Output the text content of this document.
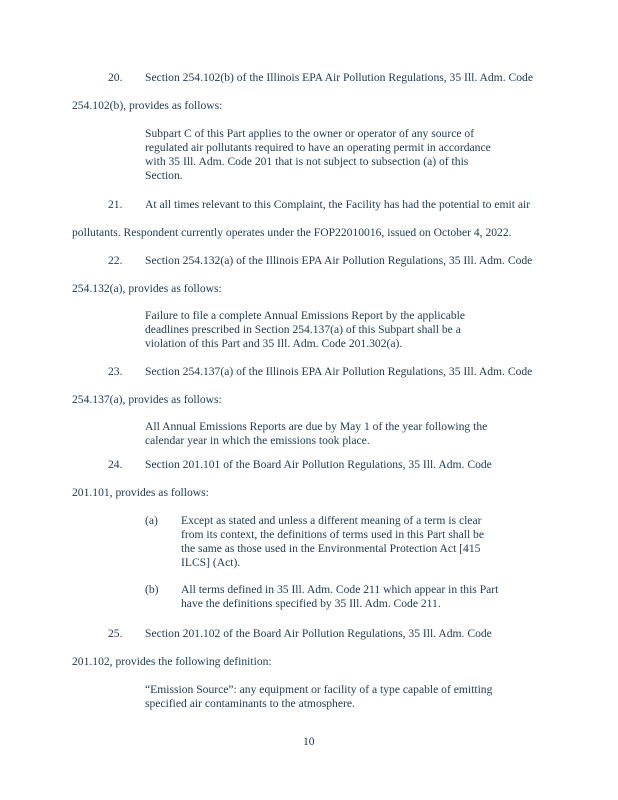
20. Section 254.102(b) of the Illinois EPA Air Pollution Regulations, 35 Ill. Adm. Code
254.102(b), provides as follows:
Subpart C of this Part applies to the owner or operator of any source of
regulated air pollutants required to have an operating permit in accordance
with 35 Ill. Adm. Code 201 that is not subject to subsection (a) of this
Section.
21. At all times relevant to this Complaint, the Facility has had the potential to emit air
pollutants. Respondent currently operates under the FOP22010016, issued on October 4, 2022.
22. Section 254.132(a) of the Illinois EPA Air Pollution Regulations, 35 Ill. Adm. Code
254.132(a), provides as follows:
Failure to file a complete Annual Emissions Report by the applicable
deadlines prescribed in Section 254.137(a) of this Subpart shall be a
violation of this Part and 35 Ill. Adm. Code 201.302(a).
23. Section 254.137(a) of the Illinois EPA Air Pollution Regulations, 35 Ill. Adm. Code
254.137(a), provides as follows:
All Annual Emissions Reports are due by May 1 of the year following the
calendar year in which the emissions took place.
24. Section 201.101 of the Board Air Pollution Regulations, 35 Ill. Adm. Code
201.101, provides as follows:
(a) Except as stated and unless a different meaning of a term is clear
from its context, the definitions of terms used in this Part shall be
the same as those used in the Environmental Protection Act [415
ILCS] (Act).
(b) All terms defined in 35 Ill. Adm. Code 211 which appear in this Part
have the definitions specified by 35 Ill. Adm. Code 211.
25. Section 201.102 of the Board Air Pollution Regulations, 35 Ill. Adm. Code
201.102, provides the following definition:
“Emission Source”: any equipment or facility of a type capable of emitting
specified air contaminants to the atmosphere.
10
